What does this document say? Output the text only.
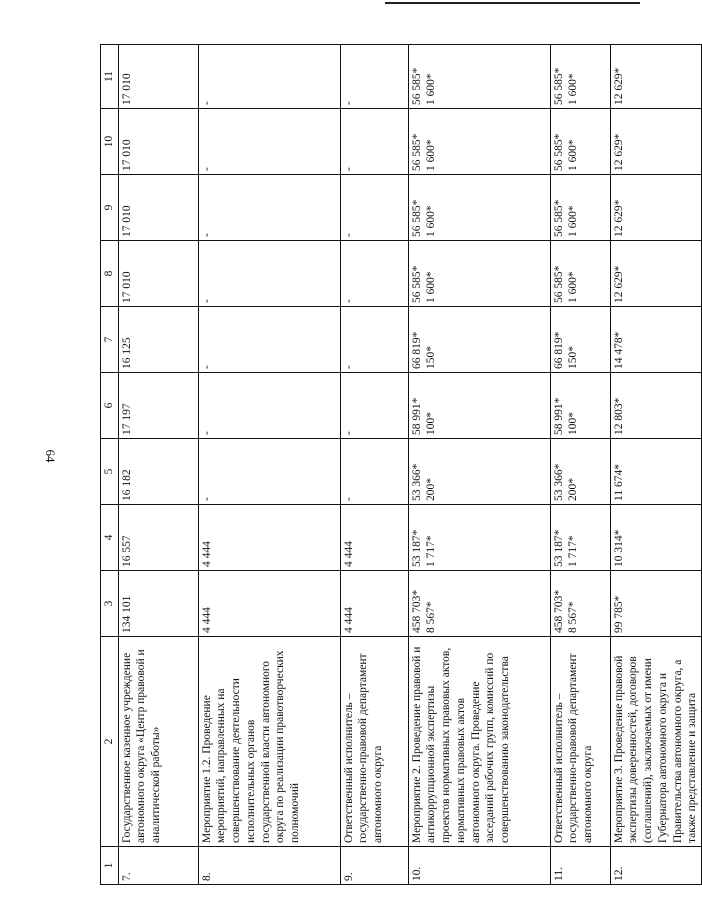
64
1	2	3	4	5	6	7	8	9	10	11
7.	Государственное казенное учреждение автономного округа «Центр правовой и аналитической работы»	134 101	16 557	16 182	17 197	16 125	17 010	17 010	17 010	17 010
8.	Мероприятие 1.2. Проведение мероприятий, направленных на совершенствование деятельности исполнительных органов государственной власти автономного округа по реализации правотворческих полномочий	4 444	4 444	-	-	-	-	-	-	-
9.	Ответственный исполнитель – государственно-правовой департамент автономного округа	4 444	4 444	-	-	-	-	-	-	-
10.	Мероприятие 2. Проведение правовой и антикоррупционной экспертизы проектов нормативных правовых актов, нормативных правовых актов автономного округа. Проведение заседаний рабочих групп, комиссий по совершенствованию законодательства	458 703* 8 567*	53 187* 1 717*	53 366* 200*	58 991* 100*	66 819* 150*	56 585* 1 600*	56 585* 1 600*	56 585* 1 600*	56 585* 1 600*
11.	Ответственный исполнитель – государственно-правовой департамент автономного округа	458 703* 8 567*	53 187* 1 717*	53 366* 200*	58 991* 100*	66 819* 150*	56 585* 1 600*	56 585* 1 600*	56 585* 1 600*	56 585* 1 600*
12.	Мероприятие 3. Проведение правовой экспертизы доверенностей, договоров (соглашений), заключаемых от имени Губернатора автономного округа и Правительства автономного округа, а также представление и защита	99 785*	10 314*	11 674*	12 803*	14 478*	12 629*	12 629*	12 629*	12 629*
